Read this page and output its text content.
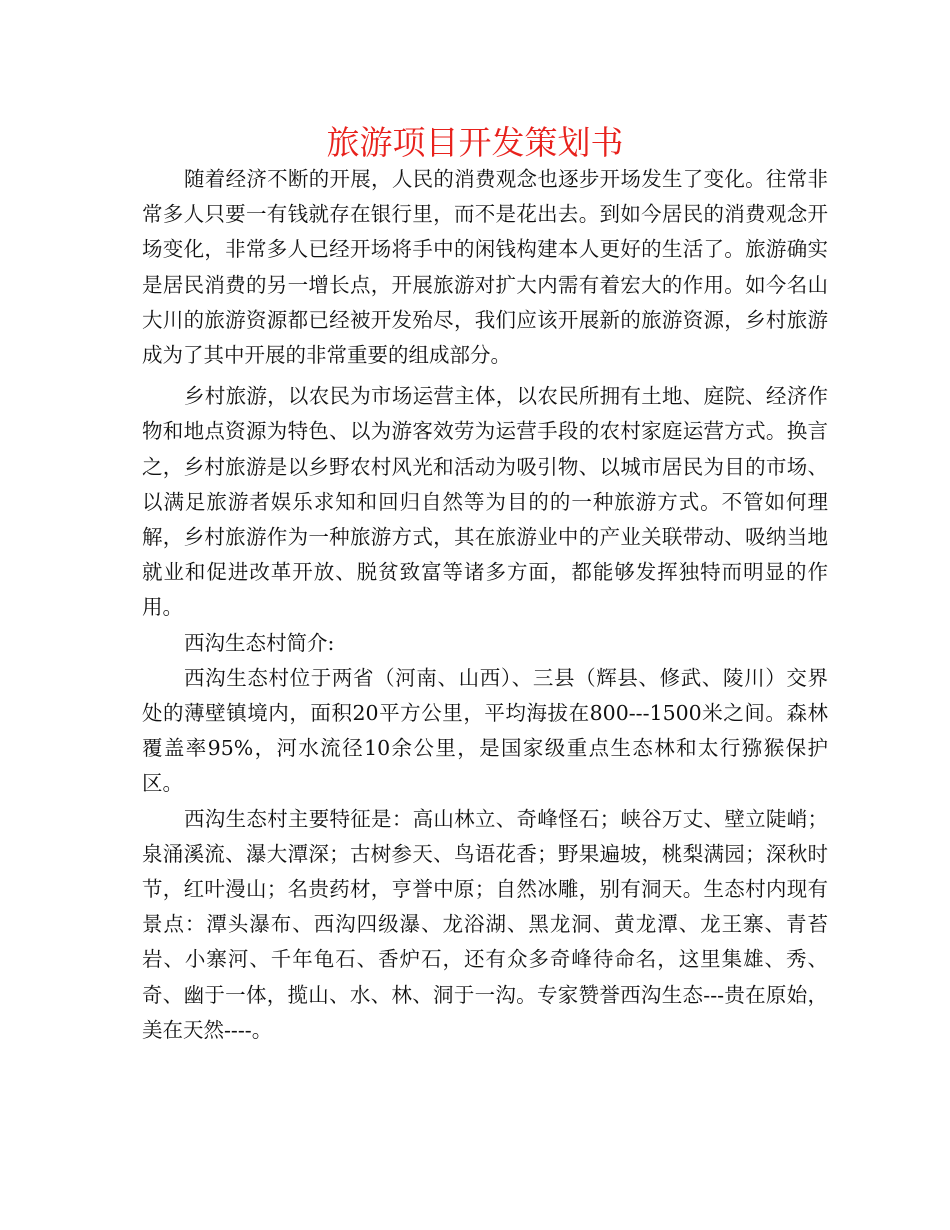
旅游项目开发策划书

随着经济不断的开展，人民的消费观念也逐步开场发生了变化。往常非常多人只要一有钱就存在银行里，而不是花出去。到如今居民的消费观念开场变化，非常多人已经开场将手中的闲钱构建本人更好的生活了。旅游确实是居民消费的另一增长点，开展旅游对扩大内需有着宏大的作用。如今名山大川的旅游资源都已经被开发殆尽，我们应该开展新的旅游资源，乡村旅游成为了其中开展的非常重要的组成部分。

乡村旅游，以农民为市场运营主体，以农民所拥有土地、庭院、经济作物和地点资源为特色、以为游客效劳为运营手段的农村家庭运营方式。换言之，乡村旅游是以乡野农村风光和活动为吸引物、以城市居民为目的市场、以满足旅游者娱乐求知和回归自然等为目的的一种旅游方式。不管如何理解，乡村旅游作为一种旅游方式，其在旅游业中的产业关联带动、吸纳当地就业和促进改革开放、脱贫致富等诸多方面，都能够发挥独特而明显的作用。

西沟生态村简介:

西沟生态村位于两省（河南、山西）、三县（辉县、修武、陵川）交界处的薄壁镇境内，面积20平方公里，平均海拔在800---1500米之间。森林覆盖率95%，河水流径10余公里，是国家级重点生态林和太行猕猴保护区。

西沟生态村主要特征是：高山林立、奇峰怪石；峡谷万丈、壁立陡峭；泉涌溪流、瀑大潭深；古树参天、鸟语花香；野果遍坡，桃梨满园；深秋时节，红叶漫山；名贵药材，亨誉中原；自然冰雕，别有洞天。生态村内现有景点：潭头瀑布、西沟四级瀑、龙浴湖、黑龙洞、黄龙潭、龙王寨、青苔岩、小寨河、千年龟石、香炉石，还有众多奇峰待命名，这里集雄、秀、奇、幽于一体，揽山、水、林、洞于一沟。专家赞誉西沟生态---贵在原始，美在天然----。
